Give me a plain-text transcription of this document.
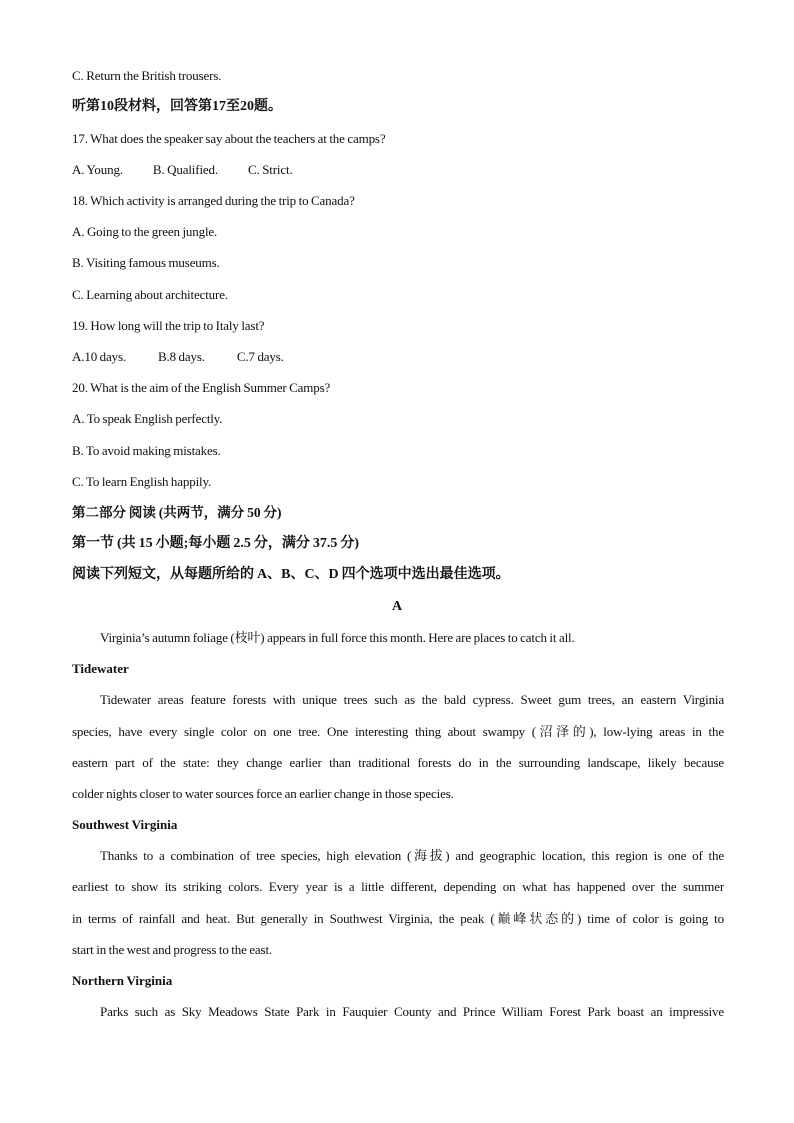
C. Return the British trousers.
听第10段材料，回答第17至20题。
17. What does the speaker say about the teachers at the camps?
A. Young. B. Qualified. C. Strict.
18. Which activity is arranged during the trip to Canada?
A. Going to the green jungle.
B. Visiting famous museums.
C. Learning about architecture.
19. How long will the trip to Italy last?
A.10 days. B.8 days. C.7 days.
20. What is the aim of the English Summer Camps?
A. To speak English perfectly.
B. To avoid making mistakes.
C. To learn English happily.
第二部分 阅读 (共两节，满分 50 分)
第一节 (共 15 小题;每小题 2.5 分，满分 37.5 分)
阅读下列短文，从每题所给的 A、B、C、D 四个选项中选出最佳选项。
A
Virginia’s autumn foliage (枝叶) appears in full force this month. Here are places to catch it all.
Tidewater
Tidewater areas feature forests with unique trees such as the bald cypress. Sweet gum trees, an eastern Virginia
species, have every single color on one tree. One interesting thing about swampy (沼泽的), low-lying areas in the
eastern part of the state: they change earlier than traditional forests do in the surrounding landscape, likely because
colder nights closer to water sources force an earlier change in those species.
Southwest Virginia
Thanks to a combination of tree species, high elevation (海拔) and geographic location, this region is one of the
earliest to show its striking colors. Every year is a little different, depending on what has happened over the summer
in terms of rainfall and heat. But generally in Southwest Virginia, the peak (巅峰状态的) time of color is going to
start in the west and progress to the east.
Northern Virginia
Parks such as Sky Meadows State Park in Fauquier County and Prince William Forest Park boast an impressive
